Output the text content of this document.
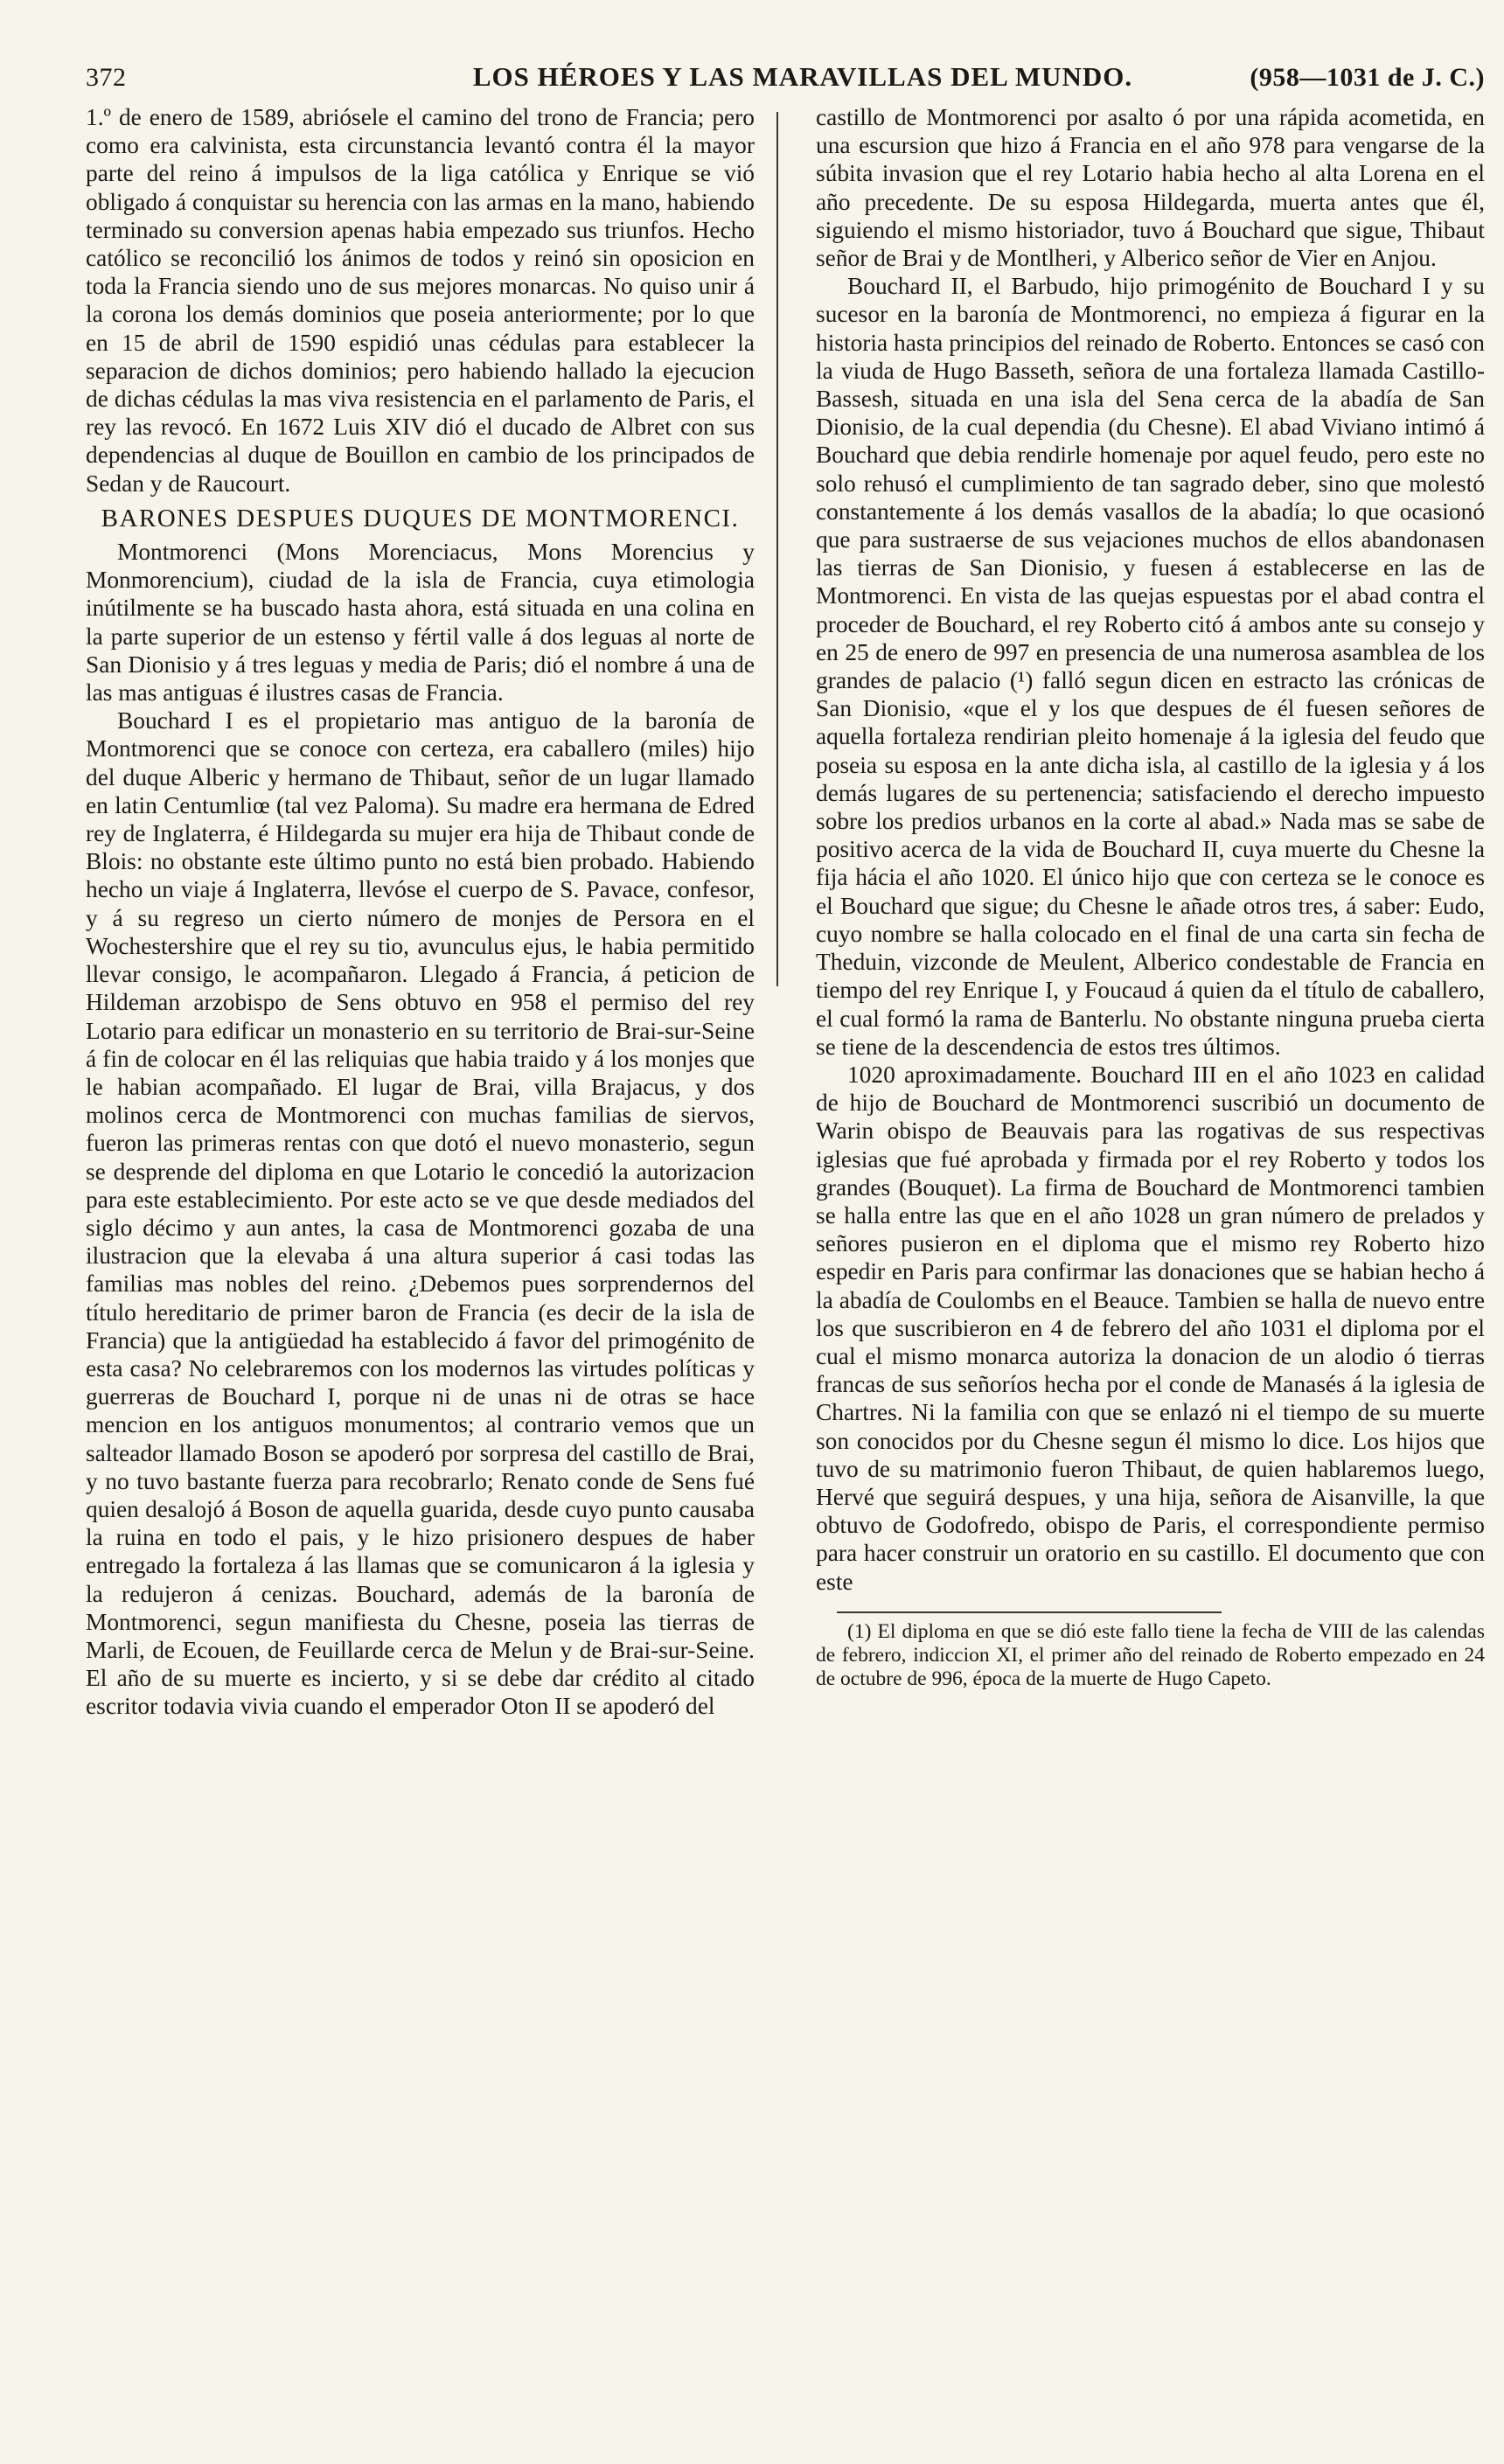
372	LOS HÉROES Y LAS MARAVILLAS DEL MUNDO.	(958—1031 de J. C.)

1.º de enero de 1589, abriósele el camino del trono de Francia; pero como era calvinista, esta circunstancia levantó contra él la mayor parte del reino á impulsos de la liga católica y Enrique se vió obligado á conquistar su herencia con las armas en la mano, habiendo terminado su conversion apenas habia empezado sus triunfos. Hecho católico se reconcilió los ánimos de todos y reinó sin oposicion en toda la Francia siendo uno de sus mejores monarcas. No quiso unir á la corona los demás dominios que poseia anteriormente; por lo que en 15 de abril de 1590 espidió unas cédulas para establecer la separacion de dichos dominios; pero habiendo hallado la ejecucion de dichas cédulas la mas viva resistencia en el parlamento de Paris, el rey las revocó. En 1672 Luis XIV dió el ducado de Albret con sus dependencias al duque de Bouillon en cambio de los principados de Sedan y de Raucourt.

BARONES DESPUES DUQUES DE MONTMORENCI.

Montmorenci (Mons Morenciacus, Mons Morencius y Monmorencium), ciudad de la isla de Francia, cuya etimologia inútilmente se ha buscado hasta ahora, está situada en una colina en la parte superior de un estenso y fértil valle á dos leguas al norte de San Dionisio y á tres leguas y media de Paris; dió el nombre á una de las mas antiguas é ilustres casas de Francia.

Bouchard I es el propietario mas antiguo de la baronía de Montmorenci que se conoce con certeza, era caballero (miles) hijo del duque Alberic y hermano de Thibaut, señor de un lugar llamado en latin Centumliœ (tal vez Paloma). Su madre era hermana de Edred rey de Inglaterra, é Hildegarda su mujer era hija de Thibaut conde de Blois: no obstante este último punto no está bien probado. Habiendo hecho un viaje á Inglaterra, llevóse el cuerpo de S. Pavace, confesor, y á su regreso un cierto número de monjes de Persora en el Wochestershire que el rey su tio, avunculus ejus, le habia permitido llevar consigo, le acompañaron. Llegado á Francia, á peticion de Hildeman arzobispo de Sens obtuvo en 958 el permiso del rey Lotario para edificar un monasterio en su territorio de Brai-sur-Seine á fin de colocar en él las reliquias que habia traido y á los monjes que le habian acompañado. El lugar de Brai, villa Brajacus, y dos molinos cerca de Montmorenci con muchas familias de siervos, fueron las primeras rentas con que dotó el nuevo monasterio, segun se desprende del diploma en que Lotario le concedió la autorizacion para este establecimiento. Por este acto se ve que desde mediados del siglo décimo y aun antes, la casa de Montmorenci gozaba de una ilustracion que la elevaba á una altura superior á casi todas las familias mas nobles del reino. ¿Debemos pues sorprendernos del título hereditario de primer baron de Francia (es decir de la isla de Francia) que la antigüedad ha establecido á favor del primogénito de esta casa? No celebraremos con los modernos las virtudes políticas y guerreras de Bouchard I, porque ni de unas ni de otras se hace mencion en los antiguos monumentos; al contrario vemos que un salteador llamado Boson se apoderó por sorpresa del castillo de Brai, y no tuvo bastante fuerza para recobrarlo; Renato conde de Sens fué quien desalojó á Boson de aquella guarida, desde cuyo punto causaba la ruina en todo el pais, y le hizo prisionero despues de haber entregado la fortaleza á las llamas que se comunicaron á la iglesia y la redujeron á cenizas. Bouchard, además de la baronía de Montmorenci, segun manifiesta du Chesne, poseia las tierras de Marli, de Ecouen, de Feuillarde cerca de Melun y de Brai-sur-Seine. El año de su muerte es incierto, y si se debe dar crédito al citado escritor todavia vivia cuando el emperador Oton II se apoderó del

castillo de Montmorenci por asalto ó por una rápida acometida, en una escursion que hizo á Francia en el año 978 para vengarse de la súbita invasion que el rey Lotario habia hecho al alta Lorena en el año precedente. De su esposa Hildegarda, muerta antes que él, siguiendo el mismo historiador, tuvo á Bouchard que sigue, Thibaut señor de Brai y de Montlheri, y Alberico señor de Vier en Anjou.

Bouchard II, el Barbudo, hijo primogénito de Bouchard I y su sucesor en la baronía de Montmorenci, no empieza á figurar en la historia hasta principios del reinado de Roberto. Entonces se casó con la viuda de Hugo Basseth, señora de una fortaleza llamada Castillo-Bassesh, situada en una isla del Sena cerca de la abadía de San Dionisio, de la cual dependia (du Chesne). El abad Viviano intimó á Bouchard que debia rendirle homenaje por aquel feudo, pero este no solo rehusó el cumplimiento de tan sagrado deber, sino que molestó constantemente á los demás vasallos de la abadía; lo que ocasionó que para sustraerse de sus vejaciones muchos de ellos abandonasen las tierras de San Dionisio, y fuesen á establecerse en las de Montmorenci. En vista de las quejas espuestas por el abad contra el proceder de Bouchard, el rey Roberto citó á ambos ante su consejo y en 25 de enero de 997 en presencia de una numerosa asamblea de los grandes de palacio (¹) falló segun dicen en estracto las crónicas de San Dionisio, «que el y los que despues de él fuesen señores de aquella fortaleza rendirian pleito homenaje á la iglesia del feudo que poseia su esposa en la ante dicha isla, al castillo de la iglesia y á los demás lugares de su pertenencia; satisfaciendo el derecho impuesto sobre los predios urbanos en la corte al abad.» Nada mas se sabe de positivo acerca de la vida de Bouchard II, cuya muerte du Chesne la fija hácia el año 1020. El único hijo que con certeza se le conoce es el Bouchard que sigue; du Chesne le añade otros tres, á saber: Eudo, cuyo nombre se halla colocado en el final de una carta sin fecha de Theduin, vizconde de Meulent, Alberico condestable de Francia en tiempo del rey Enrique I, y Foucaud á quien da el título de caballero, el cual formó la rama de Banterlu. No obstante ninguna prueba cierta se tiene de la descendencia de estos tres últimos.

1020 aproximadamente. Bouchard III en el año 1023 en calidad de hijo de Bouchard de Montmorenci suscribió un documento de Warin obispo de Beauvais para las rogativas de sus respectivas iglesias que fué aprobada y firmada por el rey Roberto y todos los grandes (Bouquet). La firma de Bouchard de Montmorenci tambien se halla entre las que en el año 1028 un gran número de prelados y señores pusieron en el diploma que el mismo rey Roberto hizo espedir en Paris para confirmar las donaciones que se habian hecho á la abadía de Coulombs en el Beauce. Tambien se halla de nuevo entre los que suscribieron en 4 de febrero del año 1031 el diploma por el cual el mismo monarca autoriza la donacion de un alodio ó tierras francas de sus señoríos hecha por el conde de Manasés á la iglesia de Chartres. Ni la familia con que se enlazó ni el tiempo de su muerte son conocidos por du Chesne segun él mismo lo dice. Los hijos que tuvo de su matrimonio fueron Thibaut, de quien hablaremos luego, Hervé que seguirá despues, y una hija, señora de Aisanville, la que obtuvo de Godofredo, obispo de Paris, el correspondiente permiso para hacer construir un oratorio en su castillo. El documento que con este

(1) El diploma en que se dió este fallo tiene la fecha de VIII de las calendas de febrero, indiccion XI, el primer año del reinado de Roberto empezado en 24 de octubre de 996, época de la muerte de Hugo Capeto.
